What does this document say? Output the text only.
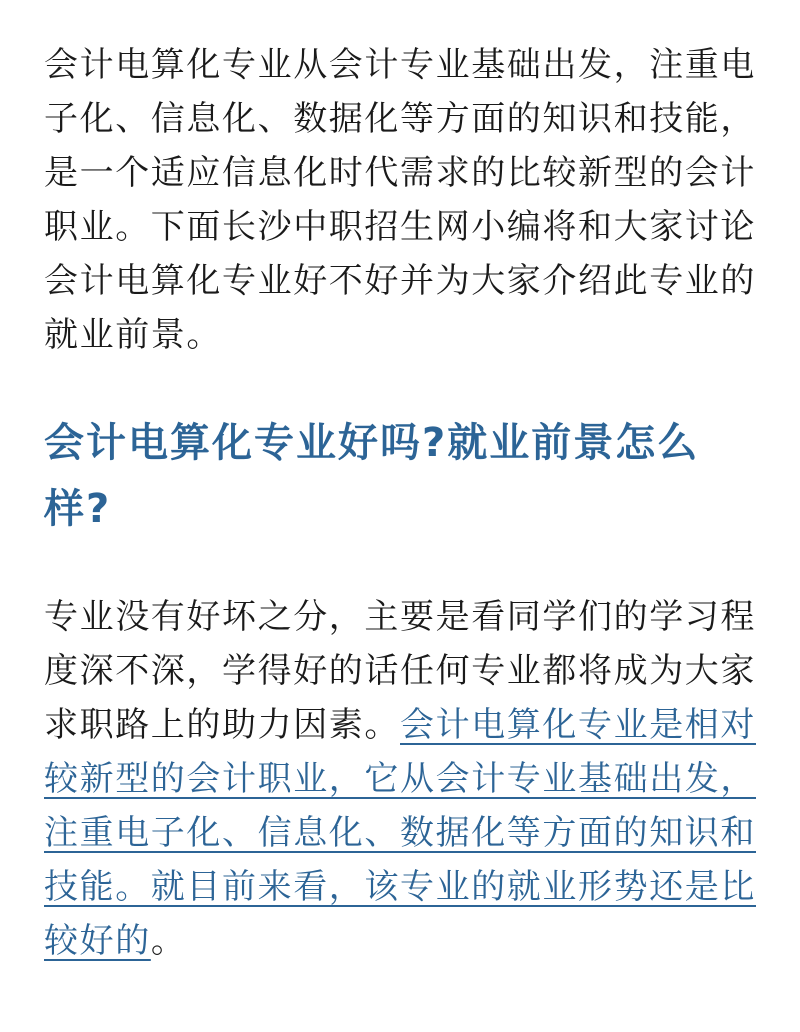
会计电算化专业从会计专业基础出发，注重电子化、信息化、数据化等方面的知识和技能，是一个适应信息化时代需求的比较新型的会计职业。下面长沙中职招生网小编将和大家讨论会计电算化专业好不好并为大家介绍此专业的就业前景。

会计电算化专业好吗?就业前景怎么样?

专业没有好坏之分，主要是看同学们的学习程度深不深，学得好的话任何专业都将成为大家求职路上的助力因素。会计电算化专业是相对较新型的会计职业，它从会计专业基础出发，注重电子化、信息化、数据化等方面的知识和技能。就目前来看，该专业的就业形势还是比较好的。
